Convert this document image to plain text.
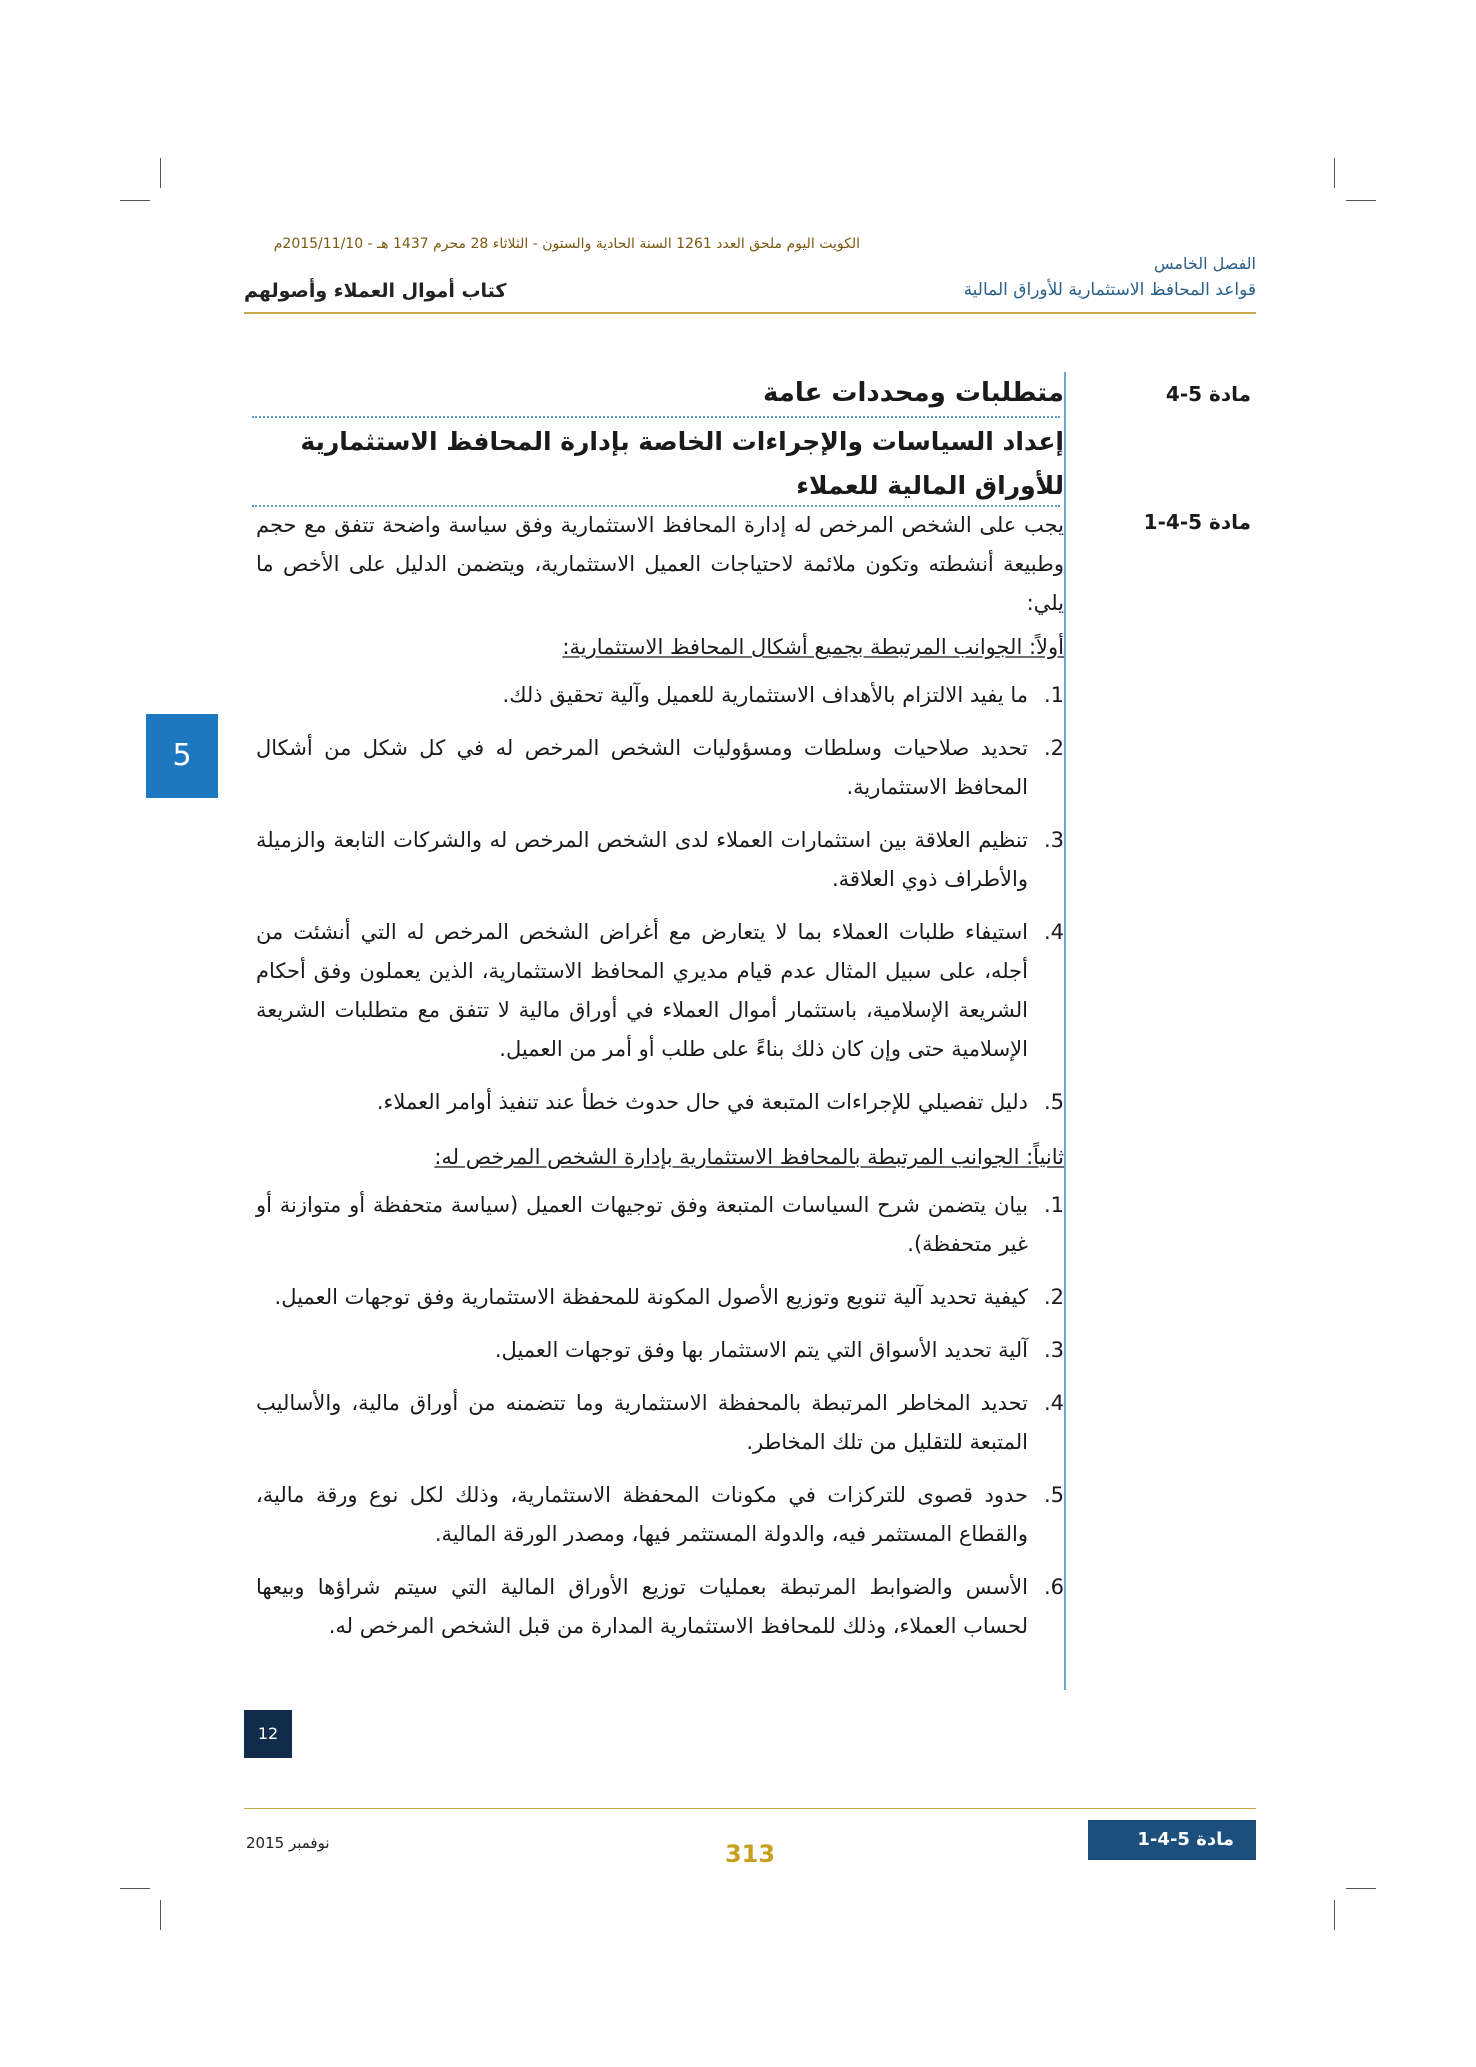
الكويت اليوم ملحق العدد 1261 السنة الحادية والستون - الثلاثاء 28 محرم 1437 هـ - 2015/11/10م
الفصل الخامس
قواعد المحافظ الاستثمارية للأوراق المالية
كتاب أموال العملاء وأصولهم
5
مادة 5-4
متطلبات ومحددات عامة
إعداد السياسات والإجراءات الخاصة بإدارة المحافظ الاستثمارية للأوراق المالية للعملاء
مادة 5-4-1
يجب على الشخص المرخص له إدارة المحافظ الاستثمارية وفق سياسة واضحة تتفق مع حجم وطبيعة أنشطته وتكون ملائمة لاحتياجات العميل الاستثمارية، ويتضمن الدليل على الأخص ما يلي:
أولاً: الجوانب المرتبطة بجميع أشكال المحافظ الاستثمارية:
1.
ما يفيد الالتزام بالأهداف الاستثمارية للعميل وآلية تحقيق ذلك.
2.
تحديد صلاحيات وسلطات ومسؤوليات الشخص المرخص له في كل شكل من أشكال المحافظ الاستثمارية.
3.
تنظيم العلاقة بين استثمارات العملاء لدى الشخص المرخص له والشركات التابعة والزميلة والأطراف ذوي العلاقة.
4.
استيفاء طلبات العملاء بما لا يتعارض مع أغراض الشخص المرخص له التي أنشئت من أجله، على سبيل المثال عدم قيام مديري المحافظ الاستثمارية، الذين يعملون وفق أحكام الشريعة الإسلامية، باستثمار أموال العملاء في أوراق مالية لا تتفق مع متطلبات الشريعة الإسلامية حتى وإن كان ذلك بناءً على طلب أو أمر من العميل.
5.
دليل تفصيلي للإجراءات المتبعة في حال حدوث خطأ عند تنفيذ أوامر العملاء.
ثانياً: الجوانب المرتبطة بالمحافظ الاستثمارية بإدارة الشخص المرخص له:
1.
بيان يتضمن شرح السياسات المتبعة وفق توجيهات العميل (سياسة متحفظة أو متوازنة أو غير متحفظة).
2.
كيفية تحديد آلية تنويع وتوزيع الأصول المكونة للمحفظة الاستثمارية وفق توجهات العميل.
3.
آلية تحديد الأسواق التي يتم الاستثمار بها وفق توجهات العميل.
4.
تحديد المخاطر المرتبطة بالمحفظة الاستثمارية وما تتضمنه من أوراق مالية، والأساليب المتبعة للتقليل من تلك المخاطر.
5.
حدود قصوى للتركزات في مكونات المحفظة الاستثمارية، وذلك لكل نوع ورقة مالية، والقطاع المستثمر فيه، والدولة المستثمر فيها، ومصدر الورقة المالية.
6.
الأسس والضوابط المرتبطة بعمليات توزيع الأوراق المالية التي سيتم شراؤها وبيعها لحساب العملاء، وذلك للمحافظ الاستثمارية المدارة من قبل الشخص المرخص له.
12
نوفمبر 2015	مادة 5-4-1
313
